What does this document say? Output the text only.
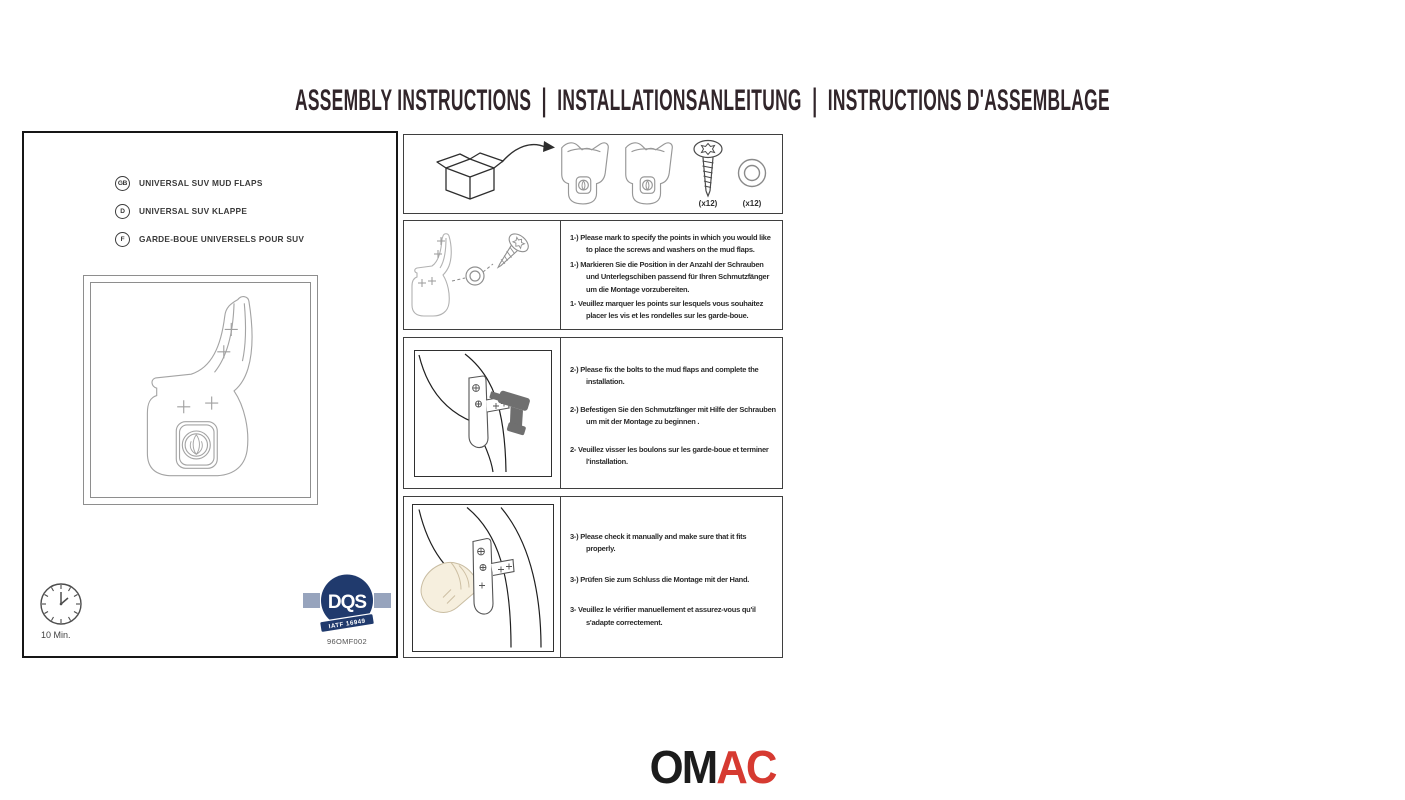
ASSEMBLY INSTRUCTIONS | INSTALLATIONSANLEITUNG | INSTRUCTIONS D'ASSEMBLAGE
GB	UNIVERSAL SUV MUD FLAPS
D	UNIVERSAL SUV KLAPPE
F	GARDE-BOUE UNIVERSELS POUR SUV
10 Min.
DQS
IATF 16949
96OMF002
(x12)	(x12)

1-) Please mark to specify the points in which you would like to place the screws and washers on the mud flaps.

1-) Markieren Sie die Position in der Anzahl der Schrauben und Unterlegschiben passend für Ihren Schmutzfänger um die Montage vorzubereiten.

1- Veuillez marquer les points sur lesquels vous souhaitez placer les vis et les rondelles sur les garde-boue.

2-) Please fix the bolts to the mud flaps and complete the installation.

2-) Befestigen Sie den Schmutzfänger mit Hilfe der Schrauben um mit der Montage zu beginnen .

2- Veuillez visser les boulons sur les garde-boue et terminer l'installation.

3-) Please check it manually and make sure that it fits properly.

3-) Prüfen Sie zum Schluss die Montage mit der Hand.

3- Veuillez le vérifier manuellement et assurez-vous qu'il s'adapte correctement.

OMAC
